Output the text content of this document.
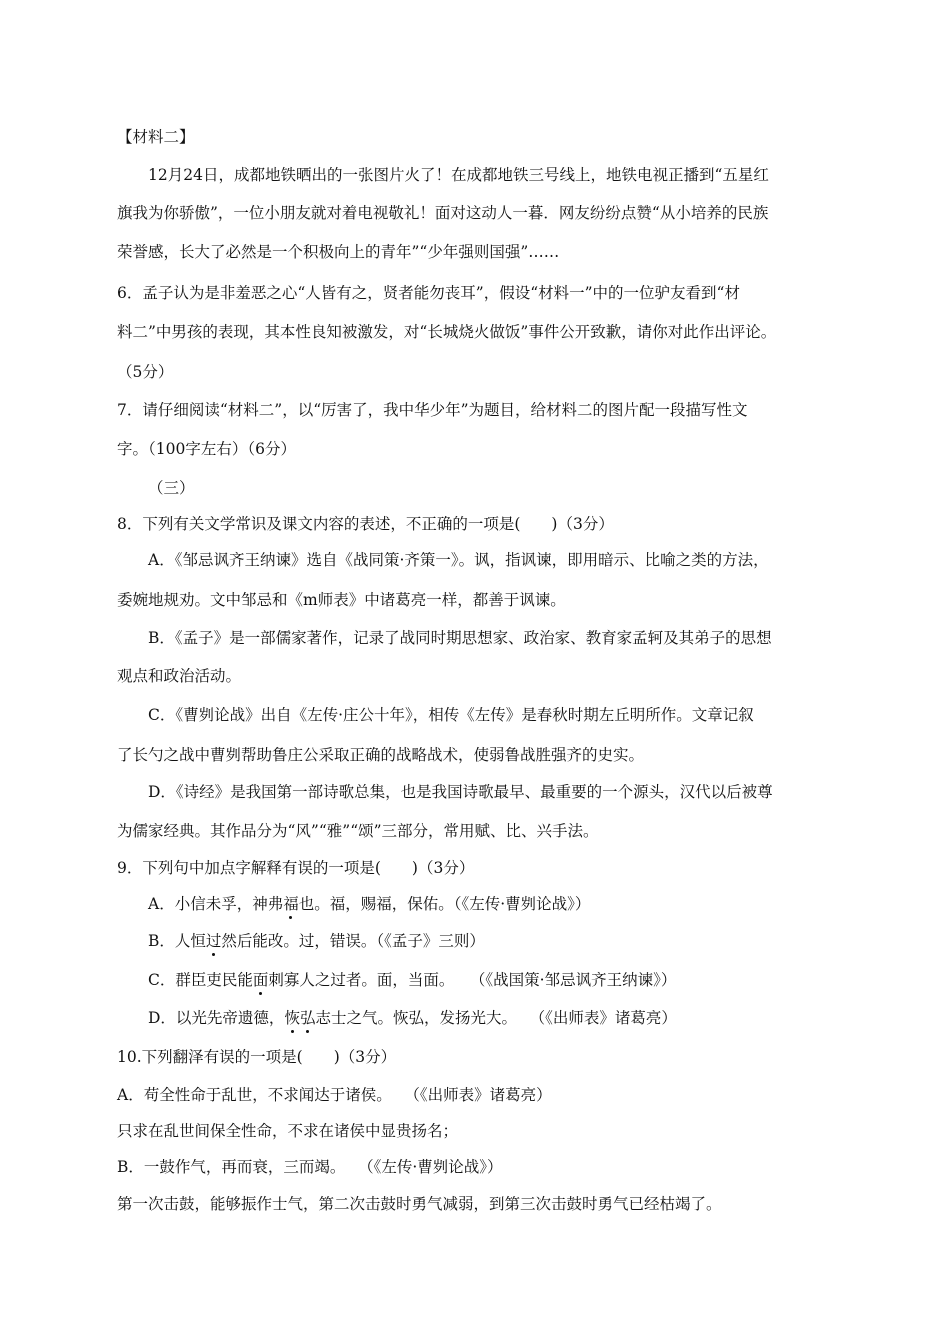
【材料二】
12月24日，成都地铁晒出的一张图片火了！在成都地铁三号线上，地铁电视正播到“五星红
旗我为你骄傲”，一位小朋友就对着电视敬礼！面对这动人一暮．网友纷纷点赞“从小培养的民族
荣誉感，长大了必然是一个积极向上的青年”“少年强则国强”……
6．孟子认为是非羞恶之心“人皆有之，贤者能勿丧耳”，假设“材料一”中的一位驴友看到“材
料二”中男孩的表现，其本性良知被激发，对“长城烧火做饭”事件公开致歉，请你对此作出评论。
（5分）
7．请仔细阅读“材料二”，以“厉害了，我中华少年”为题目，给材料二的图片配一段描写性文
字。（100字左右）（6分）
（三）
8．下列有关文学常识及课文内容的表述，不正确的一项是(　　)（3分）
A．《邹忌讽齐王纳谏》选自《战同策·齐策一》。讽，指讽谏，即用暗示、比喻之类的方法，
委婉地规劝。文中邹忌和《m师表》中诸葛亮一样，都善于讽谏。
B．《孟子》是一部儒家著作，记录了战同时期思想家、政治家、教育家孟轲及其弟子的思想
观点和政治活动。
C．《曹刿论战》出自《左传·庄公十年》，相传《左传》是春秋时期左丘明所作。文章记叙
了长勺之战中曹刿帮助鲁庄公采取正确的战略战术，使弱鲁战胜强齐的史实。
D．《诗经》是我国第一部诗歌总集，也是我国诗歌最早、最重要的一个源头，汉代以后被尊
为儒家经典。其作品分为“风”“雅”“颂”三部分，常用赋、比、兴手法。
9．下列句中加点字解释有误的一项是(　　)（3分）
A．小信未孚，神弗福也。福，赐福，保佑。（《左传·曹刿论战》）
B．人恒过然后能改。过，错误。（《孟子》三则）
C．群臣吏民能面刺寡人之过者。面，当面。　　（《战国策·邹忌讽齐王纳谏》）
D．以光先帝遗德，恢弘志士之气。恢弘，发扬光大。　 （《出师表》诸葛亮）
10.下列翻泽有误的一项是(　　)（3分）
A．苟全性命于乱世，不求闻达于诸侯。　 （《出师表》诸葛亮）
只求在乱世间保全性命，不求在诸侯中显贵扬名；
B．一鼓作气，再而衰，三而竭。　 （《左传·曹刿论战》）
第一次击鼓，能够振作士气，第二次击鼓时勇气减弱，到第三次击鼓时勇气已经枯竭了。
